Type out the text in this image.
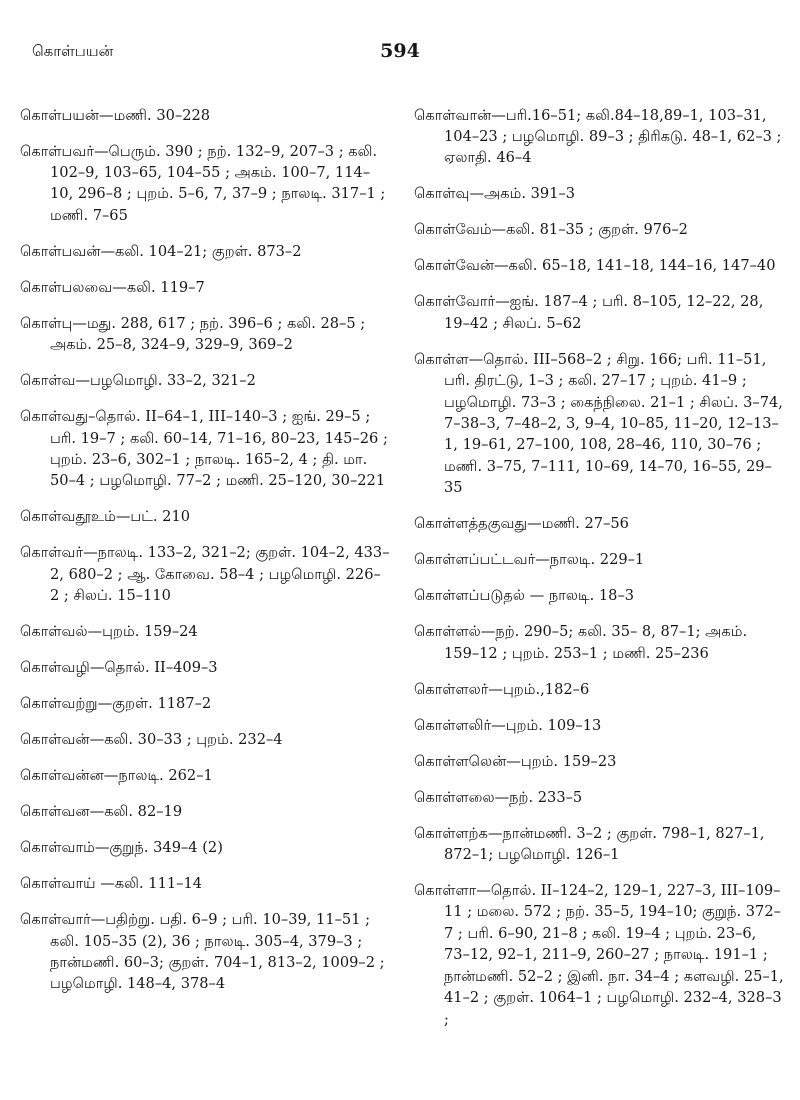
கொள்பயன்	594

கொள்பயன்—மணி. 30–228

கொள்பவர்—பெரும். 390 ; நற். 132–9, 207–3 ; கலி. 102–9, 103–65, 104–55 ; அகம். 100–7, 114–10, 296–8 ; புறம். 5–6, 7, 37–9 ; நாலடி. 317–1 ; மணி. 7–65

கொள்பவன்—கலி. 104–21; குறள். 873–2

கொள்பலவை—கலி. 119–7

கொள்பு—மது. 288, 617 ; நற். 396–6 ; கலி. 28–5 ; அகம். 25–8, 324–9, 329–9, 369–2

கொள்வ—பழமொழி. 33–2, 321–2

கொள்வது–தொல். II–64–1, III–140–3 ; ஐங். 29–5 ; பரி. 19–7 ; கலி. 60–14, 71–16, 80–23, 145–26 ; புறம். 23–6, 302–1 ; நாலடி. 165–2, 4 ; தி. மா. 50–4 ; பழமொழி. 77–2 ; மணி. 25–120, 30–221

கொள்வதூஉம்—பட். 210

கொள்வர்—நாலடி. 133–2, 321–2; குறள். 104–2, 433–2, 680–2 ; ஆ. கோவை. 58–4 ; பழமொழி. 226–2 ; சிலப். 15–110

கொள்வல்—புறம். 159–24

கொள்வழி—தொல். II–409–3

கொள்வற்று—குறள். 1187–2

கொள்வன்—கலி. 30–33 ; புறம். 232–4

கொள்வன்ன—நாலடி. 262–1

கொள்வன—கலி. 82–19

கொள்வாம்—குறுந். 349–4 (2)

கொள்வாய் —கலி. 111–14

கொள்வார்—பதிற்று. பதி. 6–9 ; பரி. 10–39, 11–51 ; கலி. 105–35 (2), 36 ; நாலடி. 305–4, 379–3 ; நான்மணி. 60–3; குறள். 704–1, 813–2, 1009–2 ; பழமொழி. 148–4, 378–4

கொள்வான்—பரி.16–51; கலி.84–18,89–1, 103–31, 104–23 ; பழமொழி. 89–3 ; திரிகடு. 48–1, 62–3 ; ஏலாதி. 46–4

கொள்வு—அகம். 391–3

கொள்வேம்—கலி. 81–35 ; குறள். 976–2

கொள்வேன்—கலி. 65–18, 141–18, 144–16, 147–40

கொள்வோர்—ஐங். 187–4 ; பரி. 8–105, 12–22, 28, 19–42 ; சிலப். 5–62

கொள்ள—தொல். III–568–2 ; சிறு. 166; பரி. 11–51, பரி. திரட்டு, 1–3 ; கலி. 27–17 ; புறம். 41–9 ; பழமொழி. 73–3 ; கைந்நிலை. 21–1 ; சிலப். 3–74, 7–38–3, 7–48–2, 3, 9–4, 10–85, 11–20, 12–13–1, 19–61, 27–100, 108, 28–46, 110, 30–76 ; மணி. 3–75, 7–111, 10–69, 14–70, 16–55, 29–35

கொள்ளத்தகுவது—மணி. 27–56

கொள்ளப்பட்டவர்—நாலடி. 229–1

கொள்ளப்படுதல் — நாலடி. 18–3

கொள்ளல்—நற். 290–5; கலி. 35– 8, 87–1; அகம். 159–12 ; புறம். 253–1 ; மணி. 25–236

கொள்ளலர்—புறம்.,182–6

கொள்ளலிர்—புறம். 109–13

கொள்ளலென்—புறம். 159–23

கொள்ளலை—நற். 233–5

கொள்ளற்க—நான்மணி. 3–2 ; குறள். 798–1, 827–1, 872–1; பழமொழி. 126–1

கொள்ளா—தொல். II–124–2, 129–1, 227–3, III–109–11 ; மலை. 572 ; நற். 35–5, 194–10; குறுந். 372–7 ; பரி. 6–90, 21–8 ; கலி. 19–4 ; புறம். 23–6, 73–12, 92–1, 211–9, 260–27 ; நாலடி. 191–1 ; நான்மணி. 52–2 ; இனி. நா. 34–4 ; களவழி. 25–1, 41–2 ; குறள். 1064–1 ; பழமொழி. 232–4, 328–3 ;
